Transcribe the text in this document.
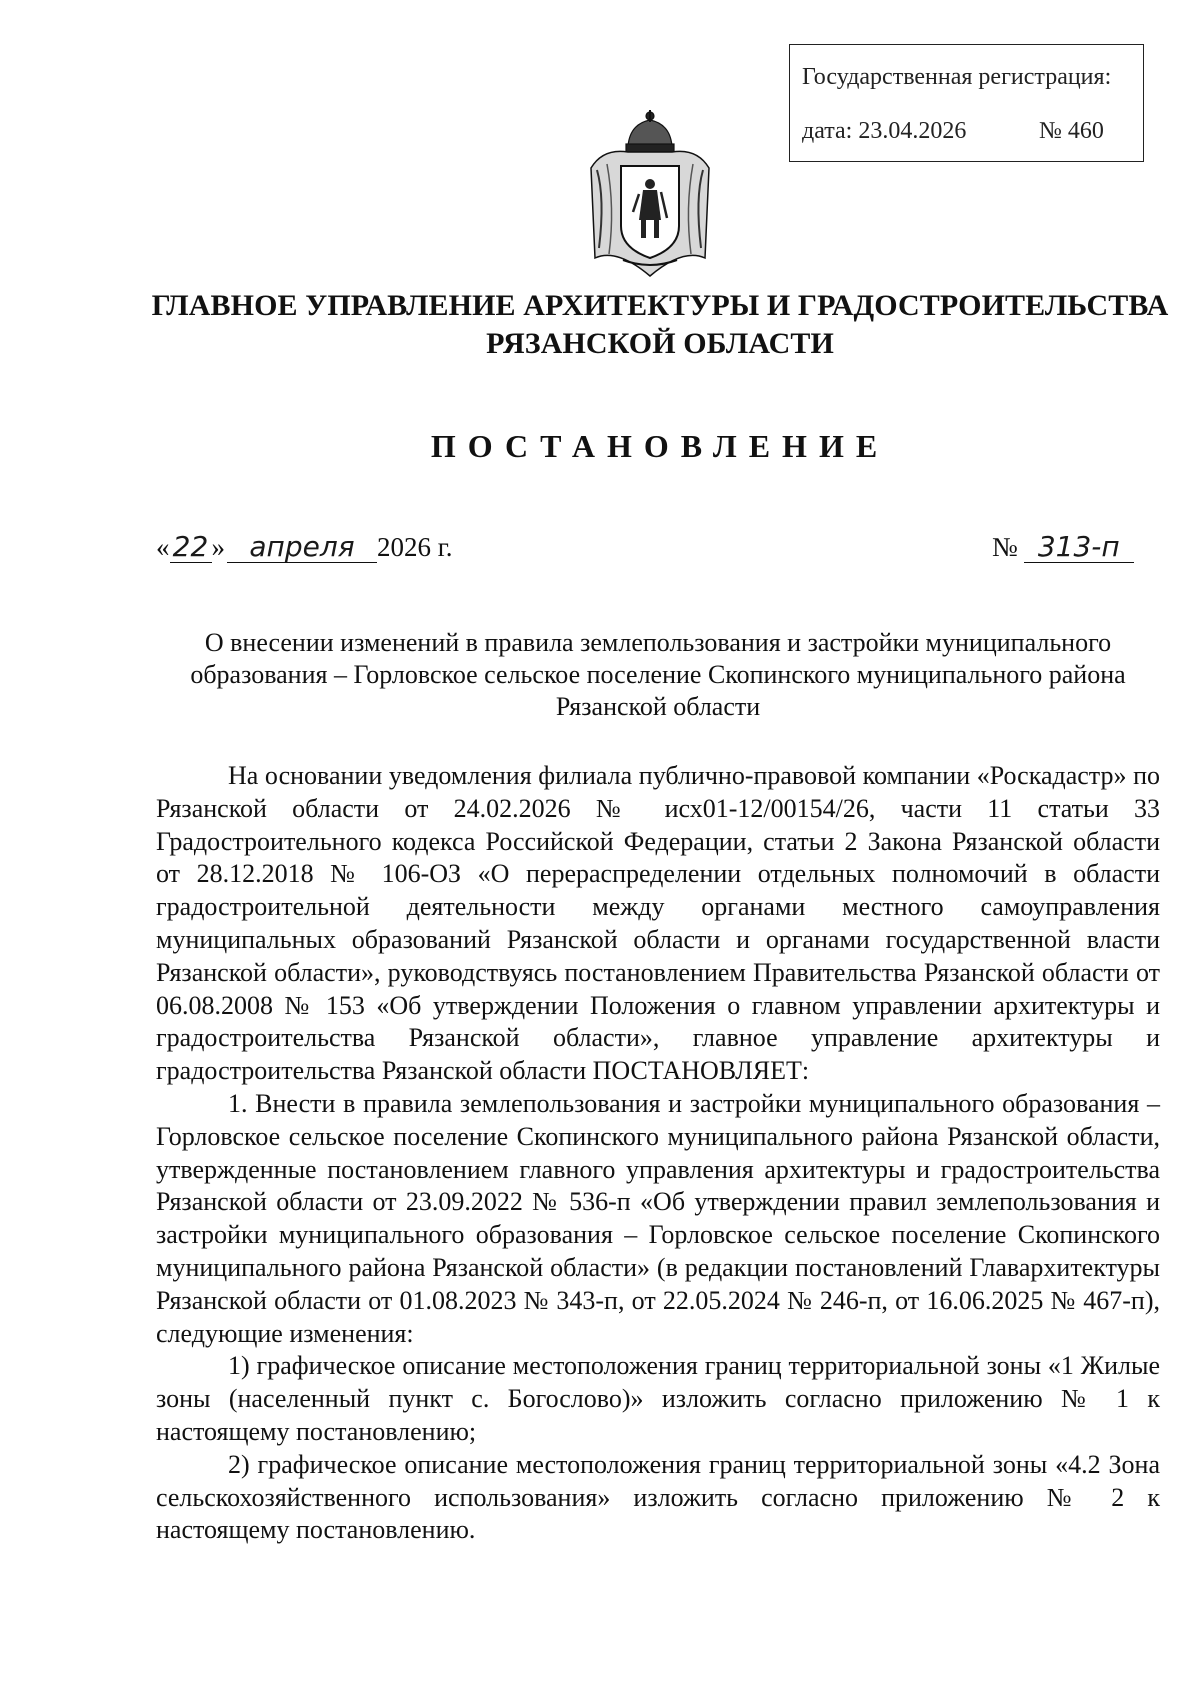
Государственная регистрация:
дата: 23.04.2026	№ 460
ГЛАВНОЕ УПРАВЛЕНИЕ АРХИТЕКТУРЫ И ГРАДОСТРОИТЕЛЬСТВА РЯЗАНСКОЙ ОБЛАСТИ
ПОСТАНОВЛЕНИЕ
« 22 » апреля 2026 г.	№ 313-п
О внесении изменений в правила землепользования и застройки муниципального образования – Горловское сельское поселение Скопинского муниципального района Рязанской области

На основании уведомления филиала публично-правовой компании «Роскадастр» по Рязанской области от 24.02.2026 № исх01-12/00154/26, части 11 статьи 33 Градостроительного кодекса Российской Федерации, статьи 2 Закона Рязанской области от 28.12.2018 № 106-ОЗ «О перераспределении отдельных полномочий в области градостроительной деятельности между органами местного самоуправления муниципальных образований Рязанской области и органами государственной власти Рязанской области», руководствуясь постановлением Правительства Рязанской области от 06.08.2008 № 153 «Об утверждении Положения о главном управлении архитектуры и градостроительства Рязанской области», главное управление архитектуры и градостроительства Рязанской области ПОСТАНОВЛЯЕТ:

1. Внести в правила землепользования и застройки муниципального образования – Горловское сельское поселение Скопинского муниципального района Рязанской области, утвержденные постановлением главного управления архитектуры и градостроительства Рязанской области от 23.09.2022 № 536-п «Об утверждении правил землепользования и застройки муниципального образования – Горловское сельское поселение Скопинского муниципального района Рязанской области» (в редакции постановлений Главархитектуры Рязанской области от 01.08.2023 № 343-п, от 22.05.2024 № 246-п, от 16.06.2025 № 467-п), следующие изменения:

1) графическое описание местоположения границ территориальной зоны «1 Жилые зоны (населенный пункт с. Богослово)» изложить согласно приложению № 1 к настоящему постановлению;

2) графическое описание местоположения границ территориальной зоны «4.2 Зона сельскохозяйственного использования» изложить согласно приложению № 2 к настоящему постановлению.
